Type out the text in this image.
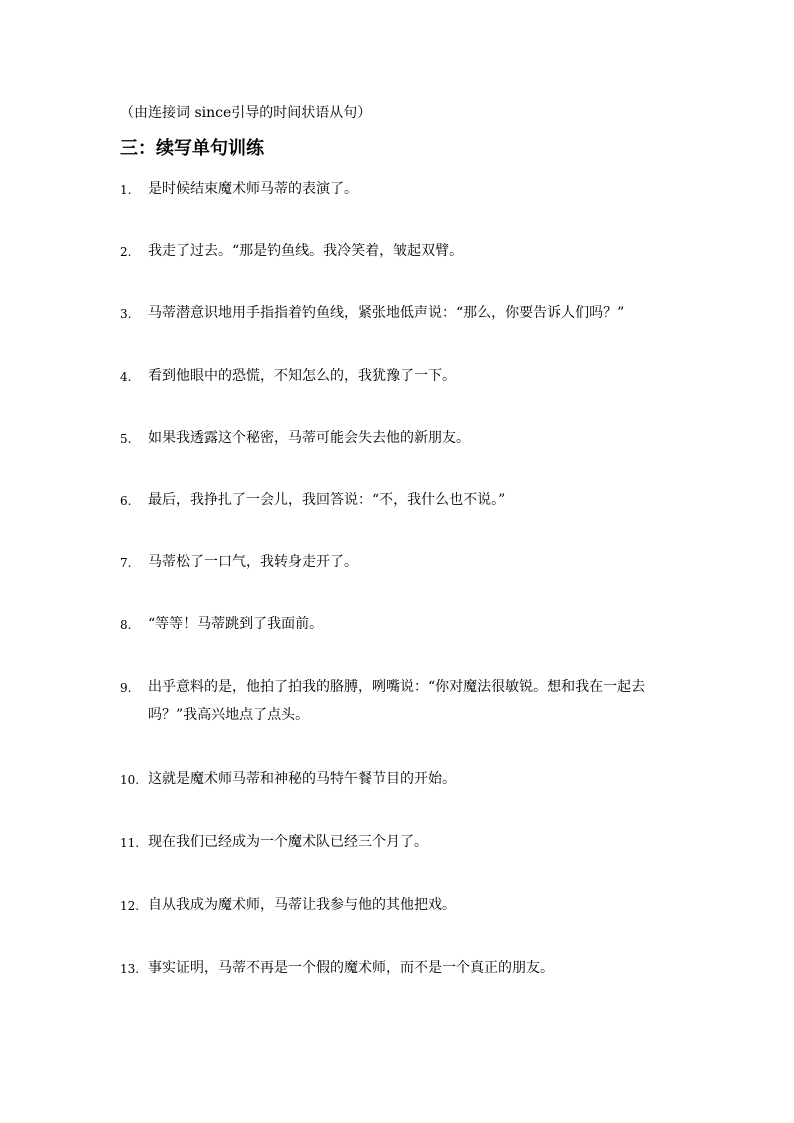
（由连接词 since引导的时间状语从句）
三：续写单句训练
1. 是时候结束魔术师马蒂的表演了。
2. 我走了过去。“那是钓鱼线。我冷笑着，皱起双臂。
3. 马蒂潜意识地用手指指着钓鱼线，紧张地低声说：“那么，你要告诉人们吗？”
4. 看到他眼中的恐慌，不知怎么的，我犹豫了一下。
5. 如果我透露这个秘密，马蒂可能会失去他的新朋友。
6. 最后，我挣扎了一会儿，我回答说：“不，我什么也不说。”
7. 马蒂松了一口气，我转身走开了。
8. “等等！马蒂跳到了我面前。
9. 出乎意料的是，他拍了拍我的胳膊，咧嘴说：“你对魔法很敏锐。想和我在一起去吗？”我高兴地点了点头。
10. 这就是魔术师马蒂和神秘的马特午餐节目的开始。
11. 现在我们已经成为一个魔术队已经三个月了。
12. 自从我成为魔术师，马蒂让我参与他的其他把戏。
13. 事实证明，马蒂不再是一个假的魔术师，而不是一个真正的朋友。
